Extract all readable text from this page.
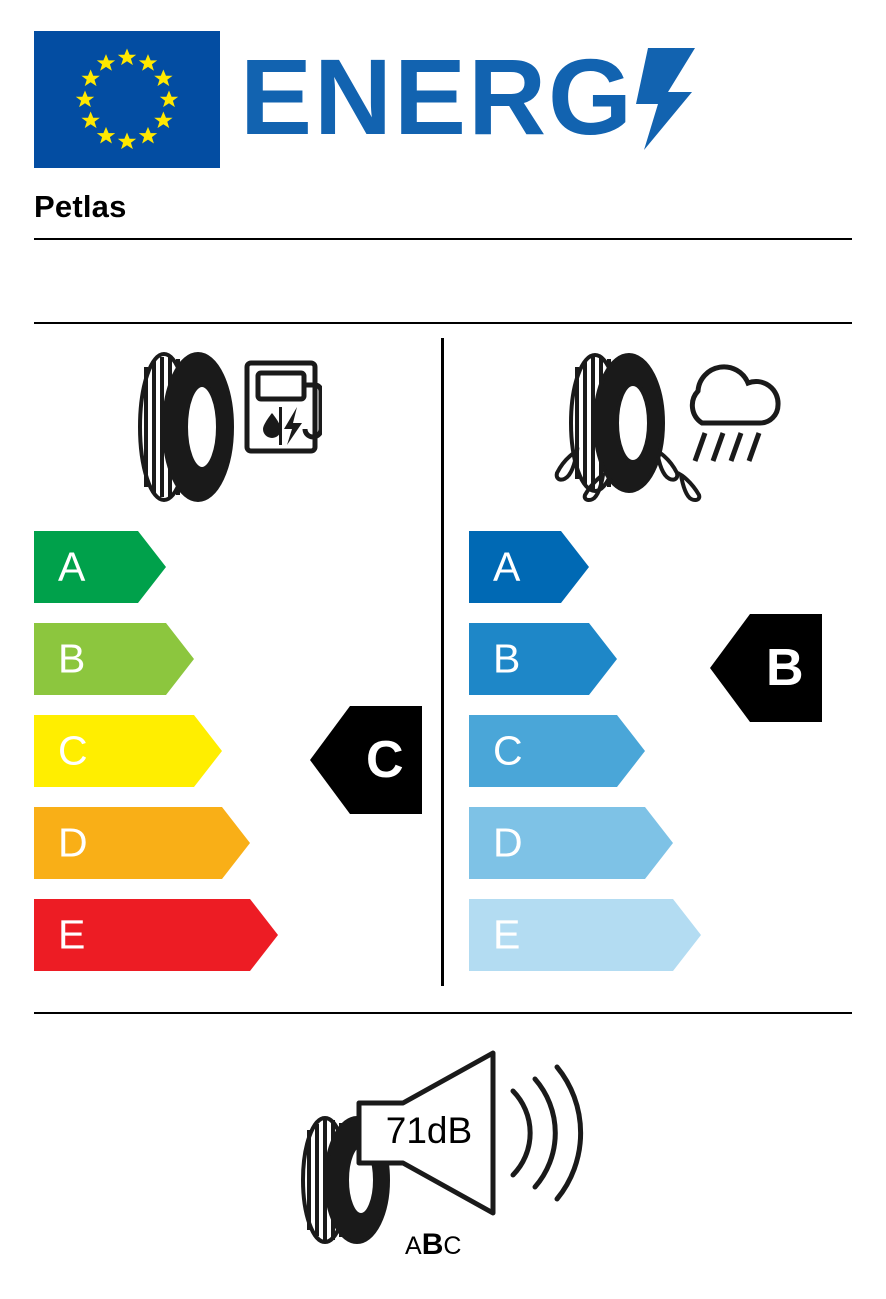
ENERG
Petlas
A
B
C
D
E
C
A
B
C
D
E
B
71dB
ABC
